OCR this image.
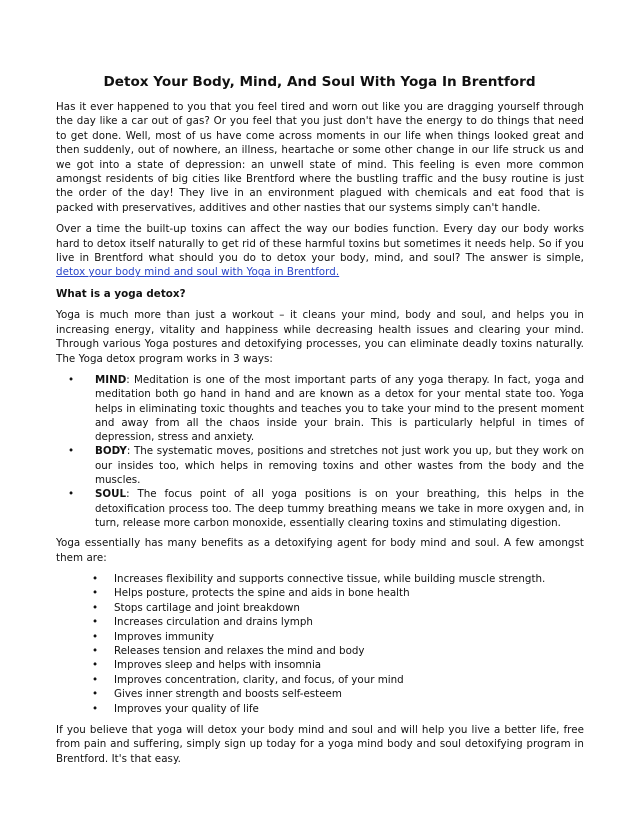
Detox Your Body, Mind, And Soul With Yoga In Brentford

Has it ever happened to you that you feel tired and worn out like you are dragging yourself through the day like a car out of gas? Or you feel that you just don't have the energy to do things that need to get done. Well, most of us have come across moments in our life when things looked great and then suddenly, out of nowhere, an illness, heartache or some other change in our life struck us and we got into a state of depression: an unwell state of mind. This feeling is even more common amongst residents of big cities like Brentford where the bustling traffic and the busy routine is just the order of the day! They live in an environment plagued with chemicals and eat food that is packed with preservatives, additives and other nasties that our systems simply can't handle.

Over a time the built-up toxins can affect the way our bodies function. Every day our body works hard to detox itself naturally to get rid of these harmful toxins but sometimes it needs help. So if you live in Brentford what should you do to detox your body, mind, and soul? The answer is simple, detox your body mind and soul with Yoga in Brentford.

What is a yoga detox?

Yoga is much more than just a workout – it cleans your mind, body and soul, and helps you in increasing energy, vitality and happiness while decreasing health issues and clearing your mind. Through various Yoga postures and detoxifying processes, you can eliminate deadly toxins naturally. The Yoga detox program works in 3 ways:

• MIND: Meditation is one of the most important parts of any yoga therapy. In fact, yoga and meditation both go hand in hand and are known as a detox for your mental state too. Yoga helps in eliminating toxic thoughts and teaches you to take your mind to the present moment and away from all the chaos inside your brain. This is particularly helpful in times of depression, stress and anxiety.
• BODY: The systematic moves, positions and stretches not just work you up, but they work on our insides too, which helps in removing toxins and other wastes from the body and the muscles.
• SOUL: The focus point of all yoga positions is on your breathing, this helps in the detoxification process too. The deep tummy breathing means we take in more oxygen and, in turn, release more carbon monoxide, essentially clearing toxins and stimulating digestion.

Yoga essentially has many benefits as a detoxifying agent for body mind and soul. A few amongst them are:

• Increases flexibility and supports connective tissue, while building muscle strength.
• Helps posture, protects the spine and aids in bone health
• Stops cartilage and joint breakdown
• Increases circulation and drains lymph
• Improves immunity
• Releases tension and relaxes the mind and body
• Improves sleep and helps with insomnia
• Improves concentration, clarity, and focus, of your mind
• Gives inner strength and boosts self-esteem
• Improves your quality of life

If you believe that yoga will detox your body mind and soul and will help you live a better life, free from pain and suffering, simply sign up today for a yoga mind body and soul detoxifying program in Brentford. It's that easy.
